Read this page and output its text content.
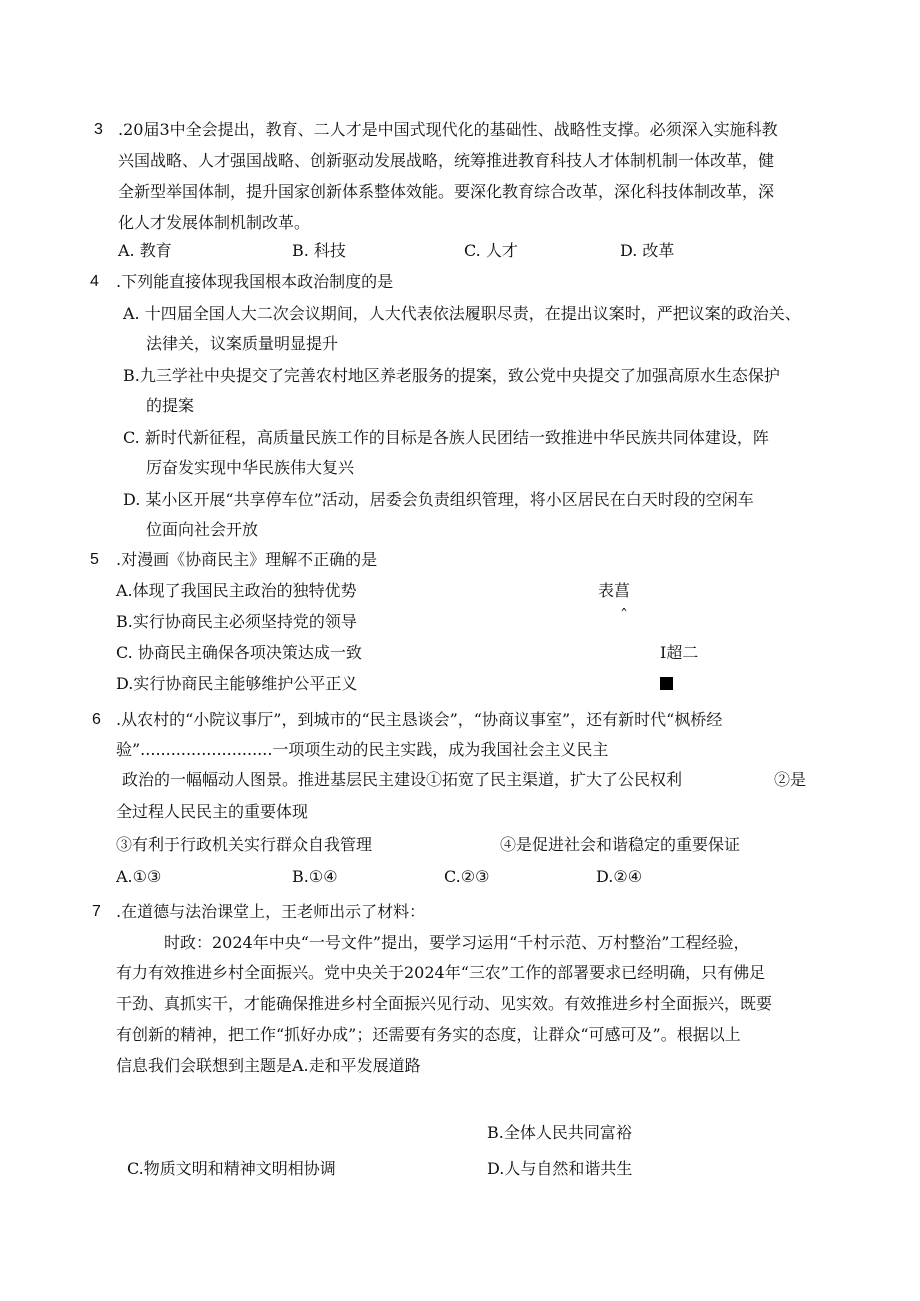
3 .20届3中全会提出，教育、二人才是中国式现代化的基础性、战略性支撑。必须深入实施科教
兴国战略、人才强国战略、创新驱动发展战略，统筹推进教育科技人才体制机制一体改革，健
全新型举国体制，提升国家创新体系整体效能。要深化教育综合改革，深化科技体制改革，深
化人才发展体制机制改革。
A. 教育	B. 科技	C. 人才	D. 改革
4 .下列能直接体现我国根本政治制度的是
A. 十四届全国人大二次会议期间，人大代表依法履职尽责，在提出议案时，严把议案的政治关、
法律关，议案质量明显提升
B.九三学社中央提交了完善农村地区养老服务的提案，致公党中央提交了加强高原水生态保护
的提案
C. 新时代新征程，高质量民族工作的目标是各族人民团结一致推进中华民族共同体建设，阵
厉奋发实现中华民族伟大复兴
D. 某小区开展“共享停车位”活动，居委会负责组织管理，将小区居民在白天时段的空闲车
位面向社会开放
5 .对漫画《协商民主》理解不正确的是
A.体现了我国民主政治的独特优势
B.实行协商民主必须坚持党的领导
C. 协商民主确保各项决策达成一致
D.实行协商民主能够维护公平正义
表菖
ˆ
I超二
6 .从农村的“小院议事厅”，到城市的“民主恳谈会”，“协商议事室”，还有新时代“枫桥经
验”..........................一项项生动的民主实践，成为我国社会主义民主
政治的一幅幅动人图景。推进基层民主建设①拓宽了民主渠道，扩大了公民权利	②是
全过程人民民主的重要体现
③有利于行政机关实行群众自我管理	④是促进社会和谐稳定的重要保证
A.①③	B.①④	C.②③	D.②④
7 .在道德与法治课堂上，王老师出示了材料：
时政：2024年中央“一号文件”提出，要学习运用“千村示范、万村整治”工程经验，
有力有效推进乡村全面振兴。党中央关于2024年“三农”工作的部署要求已经明确，只有佛足
干劲、真抓实干，才能确保推进乡村全面振兴见行动、见实效。有效推进乡村全面振兴，既要
有创新的精神，把工作“抓好办成”；还需要有务实的态度，让群众“可感可及”。根据以上
信息我们会联想到主题是A.走和平发展道路
B.全体人民共同富裕
C.物质文明和精神文明相协调	D.人与自然和谐共生
